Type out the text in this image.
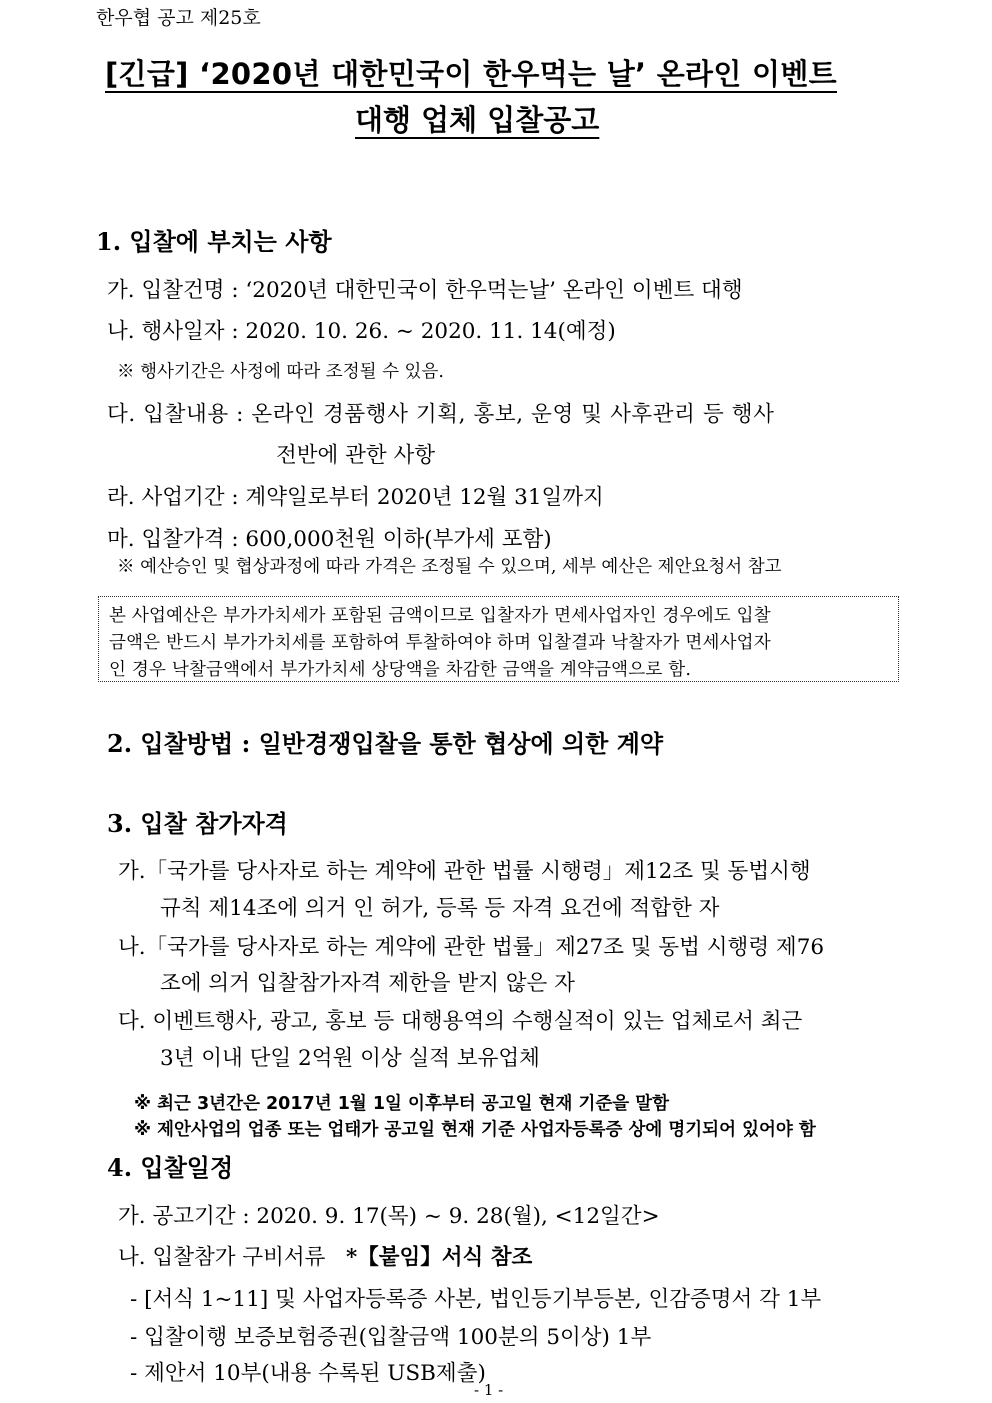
한우협 공고 제25호
[긴급] ‘2020년 대한민국이 한우먹는 날’ 온라인 이벤트
대행 업체 입찰공고
1. 입찰에 부치는 사항
가. 입찰건명 : ‘2020년 대한민국이 한우먹는날’ 온라인 이벤트 대행
나. 행사일자 : 2020. 10. 26. ~ 2020. 11. 14(예정)
※ 행사기간은 사정에 따라 조정될 수 있음.
다. 입찰내용 : 온라인 경품행사 기획, 홍보, 운영 및 사후관리 등 행사
전반에 관한 사항
라. 사업기간 : 계약일로부터 2020년 12월 31일까지
마. 입찰가격 : 600,000천원 이하(부가세 포함)
※ 예산승인 및 협상과정에 따라 가격은 조정될 수 있으며, 세부 예산은 제안요청서 참고
본 사업예산은 부가가치세가 포함된 금액이므로 입찰자가 면세사업자인 경우에도 입찰
금액은 반드시 부가가치세를 포함하여 투찰하여야 하며 입찰결과 낙찰자가 면세사업자
인 경우 낙찰금액에서 부가가치세 상당액을 차감한 금액을 계약금액으로 함.
2. 입찰방법 : 일반경쟁입찰을 통한 협상에 의한 계약
3. 입찰 참가자격
가.「국가를 당사자로 하는 계약에 관한 법률 시행령」제12조 및 동법시행
규칙 제14조에 의거 인 허가, 등록 등 자격 요건에 적합한 자
나.「국가를 당사자로 하는 계약에 관한 법률」제27조 및 동법 시행령 제76
조에 의거 입찰참가자격 제한을 받지 않은 자
다. 이벤트행사, 광고, 홍보 등 대행용역의 수행실적이 있는 업체로서 최근
3년 이내 단일 2억원 이상 실적 보유업체
※ 최근 3년간은 2017년 1월 1일 이후부터 공고일 현재 기준을 말함
※ 제안사업의 업종 또는 업태가 공고일 현재 기준 사업자등록증 상에 명기되어 있어야 함
4. 입찰일정
가. 공고기간 : 2020. 9. 17(목) ~ 9. 28(월), <12일간>
나. 입찰참가 구비서류 *【붙임】서식 참조
- [서식 1~11] 및 사업자등록증 사본, 법인등기부등본, 인감증명서 각 1부
- 입찰이행 보증보험증권(입찰금액 100분의 5이상) 1부
- 제안서 10부(내용 수록된 USB제출)
- 1 -
